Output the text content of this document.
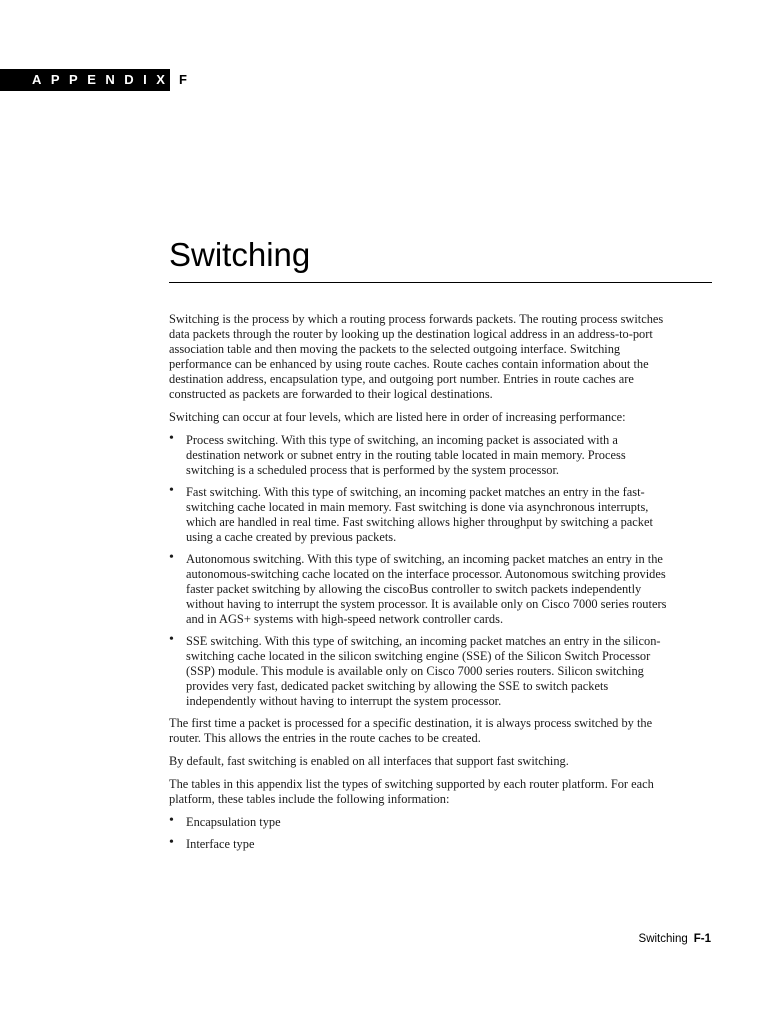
APPENDIX F
Switching

Switching is the process by which a routing process forwards packets. The routing process switches data packets through the router by looking up the destination logical address in an address-to-port association table and then moving the packets to the selected outgoing interface. Switching performance can be enhanced by using route caches. Route caches contain information about the destination address, encapsulation type, and outgoing port number. Entries in route caches are constructed as packets are forwarded to their logical destinations.

Switching can occur at four levels, which are listed here in order of increasing performance:

• Process switching. With this type of switching, an incoming packet is associated with a destination network or subnet entry in the routing table located in main memory. Process switching is a scheduled process that is performed by the system processor.
• Fast switching. With this type of switching, an incoming packet matches an entry in the fast-switching cache located in main memory. Fast switching is done via asynchronous interrupts, which are handled in real time. Fast switching allows higher throughput by switching a packet using a cache created by previous packets.
• Autonomous switching. With this type of switching, an incoming packet matches an entry in the autonomous-switching cache located on the interface processor. Autonomous switching provides faster packet switching by allowing the ciscoBus controller to switch packets independently without having to interrupt the system processor. It is available only on Cisco 7000 series routers and in AGS+ systems with high-speed network controller cards.
• SSE switching. With this type of switching, an incoming packet matches an entry in the silicon-switching cache located in the silicon switching engine (SSE) of the Silicon Switch Processor (SSP) module. This module is available only on Cisco 7000 series routers. Silicon switching provides very fast, dedicated packet switching by allowing the SSE to switch packets independently without having to interrupt the system processor.

The first time a packet is processed for a specific destination, it is always process switched by the router. This allows the entries in the route caches to be created.

By default, fast switching is enabled on all interfaces that support fast switching.

The tables in this appendix list the types of switching supported by each router platform. For each platform, these tables include the following information:

• Encapsulation type
• Interface type
Switching F-1
